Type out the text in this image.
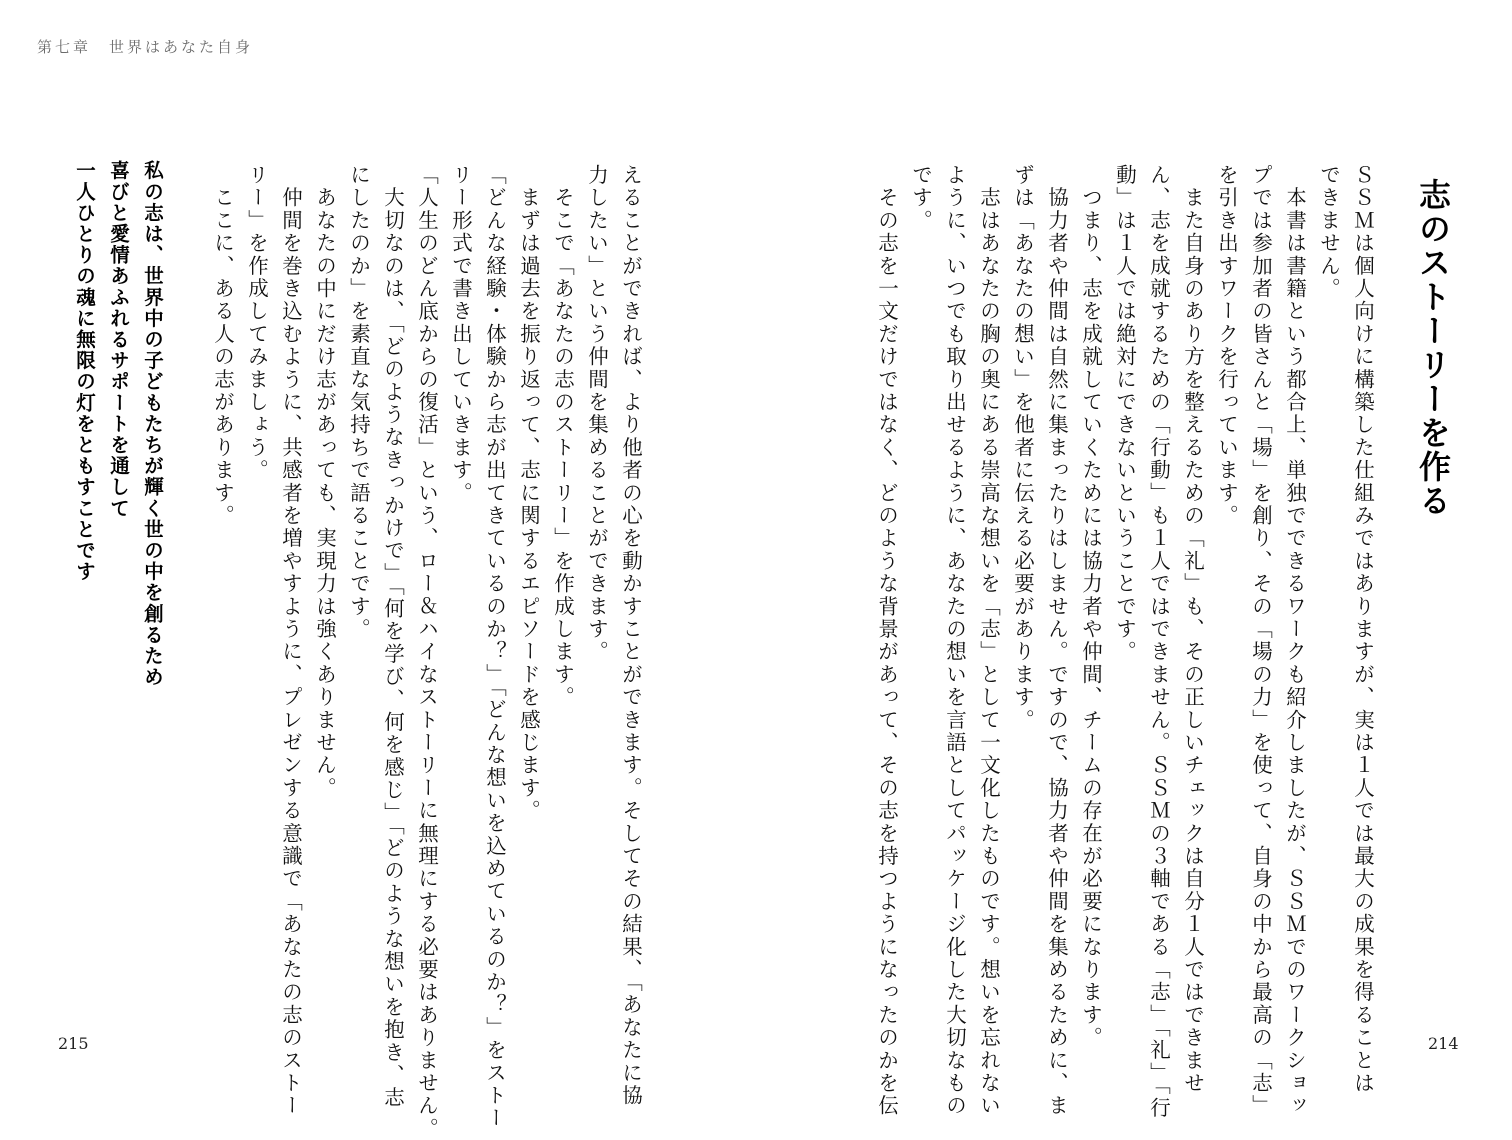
第七章　世界はあなた自身
志のストーリーを作る
ＳＳＭは個人向けに構築した仕組みではありますが、実は１人では最大の成果を得ることは
できません。
　本書は書籍という都合上、単独でできるワークも紹介しましたが、ＳＳＭでのワークショッ
プでは参加者の皆さんと「場」を創り、その「場の力」を使って、自身の中から最高の「志」
を引き出すワークを行っています。
　また自身のあり方を整えるための「礼」も、その正しいチェックは自分１人ではできませ
ん、志を成就するための「行動」も１人ではできません。ＳＳＭの３軸である「志」「礼」「行
動」は１人では絶対にできないということです。
　つまり、志を成就していくためには協力者や仲間、チームの存在が必要になります。
　協力者や仲間は自然に集まったりはしません。ですので、協力者や仲間を集めるために、ま
ずは「あなたの想い」を他者に伝える必要があります。
　志はあなたの胸の奥にある崇高な想いを「志」として一文化したものです。想いを忘れない
ように、いつでも取り出せるように、あなたの想いを言語としてパッケージ化した大切なもの
です。
　その志を一文だけではなく、どのような背景があって、その志を持つようになったのかを伝	214
えることができれば、より他者の心を動かすことができます。そしてその結果、「あなたに協
力したい」という仲間を集めることができます。
　そこで「あなたの志のストーリー」を作成します。
　まずは過去を振り返って、志に関するエピソードを感じます。
「どんな経験・体験から志が出てきているのか？」「どんな想いを込めているのか？」をストー
リー形式で書き出していきます。
「人生のどん底からの復活」という、ロー＆ハイなストーリーに無理にする必要はありません。
　大切なのは、「どのようなきっかけで」「何を学び、何を感じ」「どのような想いを抱き、志
にしたのか」を素直な気持ちで語ることです。
　あなたの中にだけ志があっても、実現力は強くありません。
　仲間を巻き込むように、共感者を増やすように、プレゼンする意識で「あなたの志のストー
リー」を作成してみましょう。
　ここに、ある人の志があります。
私の志は、世界中の子どもたちが輝く世の中を創るため
喜びと愛情あふれるサポートを通して
一人ひとりの魂に無限の灯をともすことです
215
